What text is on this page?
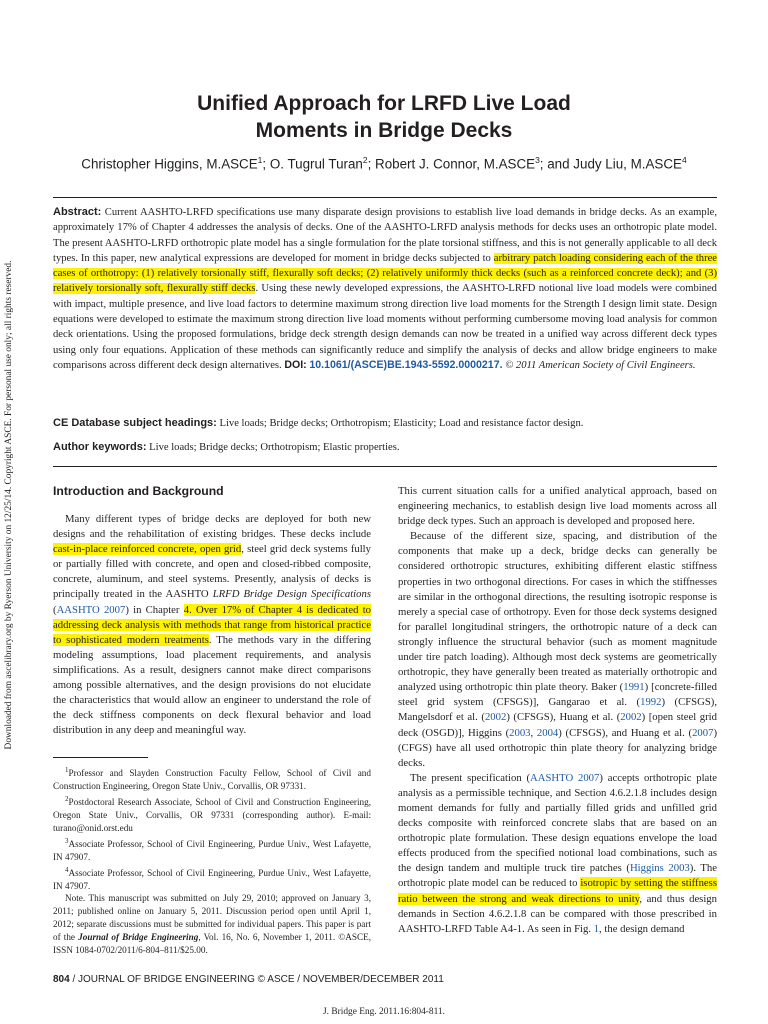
Downloaded from ascelibrary.org by Ryerson University on 12/25/14. Copyright ASCE. For personal use only; all rights reserved.
Unified Approach for LRFD Live Load
Moments in Bridge Decks
Christopher Higgins, M.ASCE$^1$; O. Tugrul Turan$^2$; Robert J. Connor, M.ASCE$^3$; and Judy Liu, M.ASCE$^4$

Abstract: Current AASHTO-LRFD specifications use many disparate design provisions to establish live load demands in bridge decks. As an example, approximately 17% of Chapter 4 addresses the analysis of decks. One of the AASHTO-LRFD analysis methods for decks uses an orthotropic plate model. The present AASHTO-LRFD orthotropic plate model has a single formulation for the plate torsional stiffness, and this is not generally applicable to all deck types. In this paper, new analytical expressions are developed for moment in bridge decks subjected to arbitrary patch loading considering each of the three cases of orthotropy: (1) relatively torsionally stiff, flexurally soft decks; (2) relatively uniformly thick decks (such as a reinforced concrete deck); and (3) relatively torsionally soft, flexurally stiff decks. Using these newly developed expressions, the AASHTO-LRFD notional live load models were combined with impact, multiple presence, and live load factors to determine maximum strong direction live load moments for the Strength I design limit state. Design equations were developed to estimate the maximum strong direction live load moments without performing cumbersome moving load analysis for common deck orientations. Using the proposed formulations, bridge deck strength design demands can now be treated in a unified way across different deck types using only four equations. Application of these methods can significantly reduce and simplify the analysis of decks and allow bridge engineers to make comparisons across different deck design alternatives. DOI: 10.1061/(ASCE)BE.1943-5592.0000217. © 2011 American Society of Civil Engineers.

CE Database subject headings: Live loads; Bridge decks; Orthotropism; Elasticity; Load and resistance factor design.

Author keywords: Live loads; Bridge decks; Orthotropism; Elastic properties.

Introduction and Background

Many different types of bridge decks are deployed for both new designs and the rehabilitation of existing bridges. These decks include cast-in-place reinforced concrete, open grid, steel grid deck systems fully or partially filled with concrete, and open and closed-ribbed composite, concrete, aluminum, and steel systems. Presently, analysis of decks is principally treated in the AASHTO LRFD Bridge Design Specifications (AASHTO 2007) in Chapter 4. Over 17% of Chapter 4 is dedicated to addressing deck analysis with methods that range from historical practice to sophisticated modern treatments. The methods vary in the differing modeling assumptions, load placement requirements, and analysis simplifications. As a result, designers cannot make direct comparisons among possible alternatives, and the design provisions do not elucidate the characteristics that would allow an engineer to understand the role of the deck stiffness components on deck flexural behavior and load distribution in any deep and meaningful way.

$^1$Professor and Slayden Construction Faculty Fellow, School of Civil and Construction Engineering, Oregon State Univ., Corvallis, OR 97331.

$^2$Postdoctoral Research Associate, School of Civil and Construction Engineering, Oregon State Univ., Corvallis, OR 97331 (corresponding author). E-mail: turano@onid.orst.edu

$^3$Associate Professor, School of Civil Engineering, Purdue Univ., West Lafayette, IN 47907.

$^4$Associate Professor, School of Civil Engineering, Purdue Univ., West Lafayette, IN 47907.

Note. This manuscript was submitted on July 29, 2010; approved on January 3, 2011; published online on January 5, 2011. Discussion period open until April 1, 2012; separate discussions must be submitted for individual papers. This paper is part of the Journal of Bridge Engineering, Vol. 16, No. 6, November 1, 2011. ©ASCE, ISSN 1084-0702/2011/6-804–811/$25.00.

This current situation calls for a unified analytical approach, based on engineering mechanics, to establish design live load moments across all bridge deck types. Such an approach is developed and proposed here.

Because of the different size, spacing, and distribution of the components that make up a deck, bridge decks can generally be considered orthotropic structures, exhibiting different elastic stiffness properties in two orthogonal directions. For cases in which the stiffnesses are similar in the orthogonal directions, the resulting isotropic response is merely a special case of orthotropy. Even for those deck systems designed for parallel longitudinal stringers, the orthotropic nature of a deck can strongly influence the structural behavior (such as moment magnitude under tire patch loading). Although most deck systems are geometrically orthotropic, they have generally been treated as materially orthotropic and analyzed using orthotropic thin plate theory. Baker (1991) [concrete-filled steel grid system (CFSGS)], Gangarao et al. (1992) (CFSGS), Mangelsdorf et al. (2002) (CFSGS), Huang et al. (2002) [open steel grid deck (OSGD)], Higgins (2003, 2004) (CFSGS), and Huang et al. (2007) (CFGS) have all used orthotropic thin plate theory for analyzing bridge decks.

The present specification (AASHTO 2007) accepts orthotropic plate analysis as a permissible technique, and Section 4.6.2.1.8 includes design moment demands for fully and partially filled grids and unfilled grid decks composite with reinforced concrete slabs that are based on an orthotropic plate formulation. These design equations envelope the load effects produced from the specified notional load combinations, such as the design tandem and multiple truck tire patches (Higgins 2003). The orthotropic plate model can be reduced to isotropic by setting the stiffness ratio between the strong and weak directions to unity, and thus design demands in Section 4.6.2.1.8 can be compared with those prescribed in AASHTO-LRFD Table A4-1. As seen in Fig. 1, the design demand

804 / JOURNAL OF BRIDGE ENGINEERING © ASCE / NOVEMBER/DECEMBER 2011

J. Bridge Eng. 2011.16:804-811.
